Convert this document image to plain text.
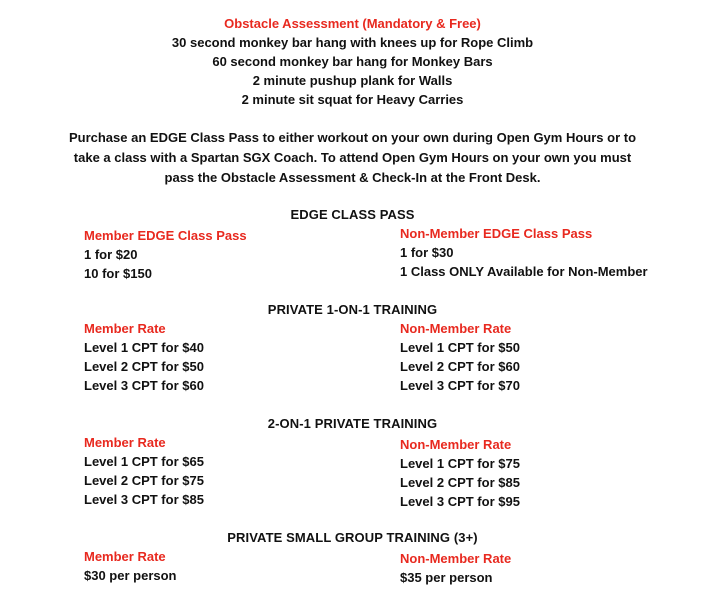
Obstacle Assessment (Mandatory & Free)
30 second monkey bar hang with knees up for Rope Climb
60 second monkey bar hang for Monkey Bars
2 minute pushup plank for Walls
2 minute sit squat for Heavy Carries
Purchase an EDGE Class Pass to either workout on your own during Open Gym Hours or to
take a class with a Spartan SGX Coach. To attend Open Gym Hours on your own you must
pass the Obstacle Assessment & Check-In at the Front Desk.
EDGE CLASS PASS
Member EDGE Class Pass
1 for $20
10 for $150
Non-Member EDGE Class Pass
1 for $30
1 Class ONLY Available for Non-Member
PRIVATE 1-ON-1 TRAINING
Member Rate
Level 1 CPT for $40
Level 2 CPT for $50
Level 3 CPT for $60
Non-Member Rate
Level 1 CPT for $50
Level 2 CPT for $60
Level 3 CPT for $70
2-ON-1 PRIVATE TRAINING
Member Rate
Level 1 CPT for $65
Level 2 CPT for $75
Level 3 CPT for $85
Non-Member Rate
Level 1 CPT for $75
Level 2 CPT for $85
Level 3 CPT for $95
PRIVATE SMALL GROUP TRAINING (3+)
Member Rate
$30 per person
Non-Member Rate
$35 per person
